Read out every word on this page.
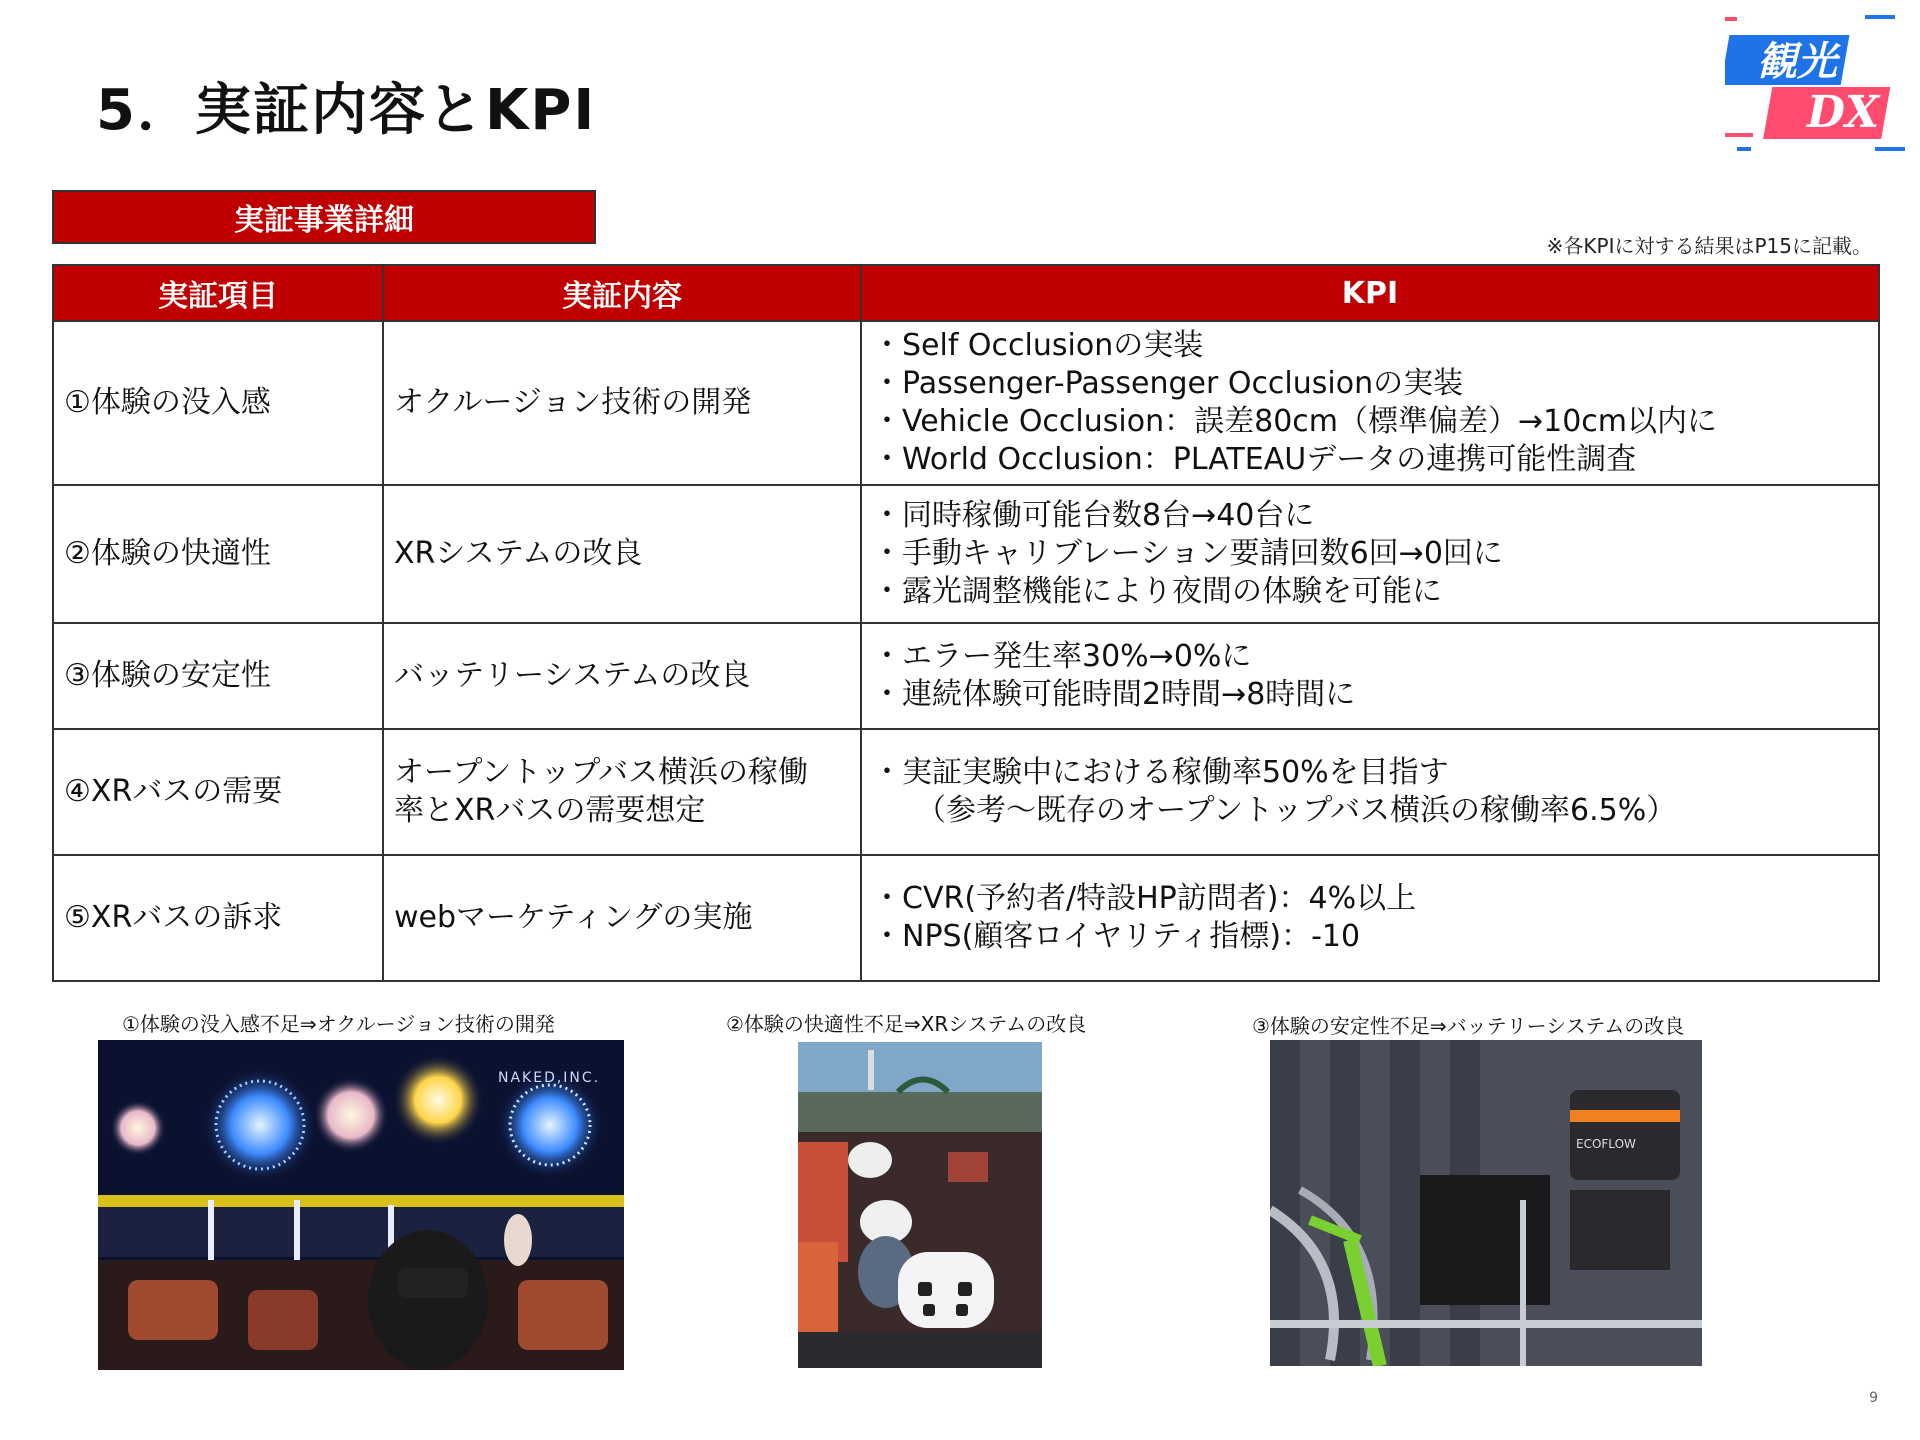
5．実証内容とKPI
観光
DX
実証事業詳細
※各KPIに対する結果はP15に記載。
実証項目	実証内容	KPI
①体験の没入感	オクルージョン技術の開発	・Self Occlusionの実装
・Passenger-Passenger Occlusionの実装
・Vehicle Occlusion：誤差80cm（標準偏差）→10cm以内に
・World Occlusion：PLATEAUデータの連携可能性調査

②体験の快適性	XRシステムの改良	・同時稼働可能台数8台→40台に
・手動キャリブレーション要請回数6回→0回に
・露光調整機能により夜間の体験を可能に

③体験の安定性	バッテリーシステムの改良	・エラー発生率30%→0%に
・連続体験可能時間2時間→8時間に

④XRバスの需要	オープントップバス横浜の稼働
率とXRバスの需要想定	・実証実験中における稼働率50%を目指す
（参考～既存のオープントップバス横浜の稼働率6.5%）

⑤XRバスの訴求	webマーケティングの実施	・CVR(予約者/特設HP訪問者)：4%以上
・NPS(顧客ロイヤリティ指標)：-10
①体験の没入感不足⇒オクルージョン技術の開発	②体験の快適性不足⇒XRシステムの改良	③体験の安定性不足⇒バッテリーシステムの改良
NAKED,INC.
ECOFLOW
9
